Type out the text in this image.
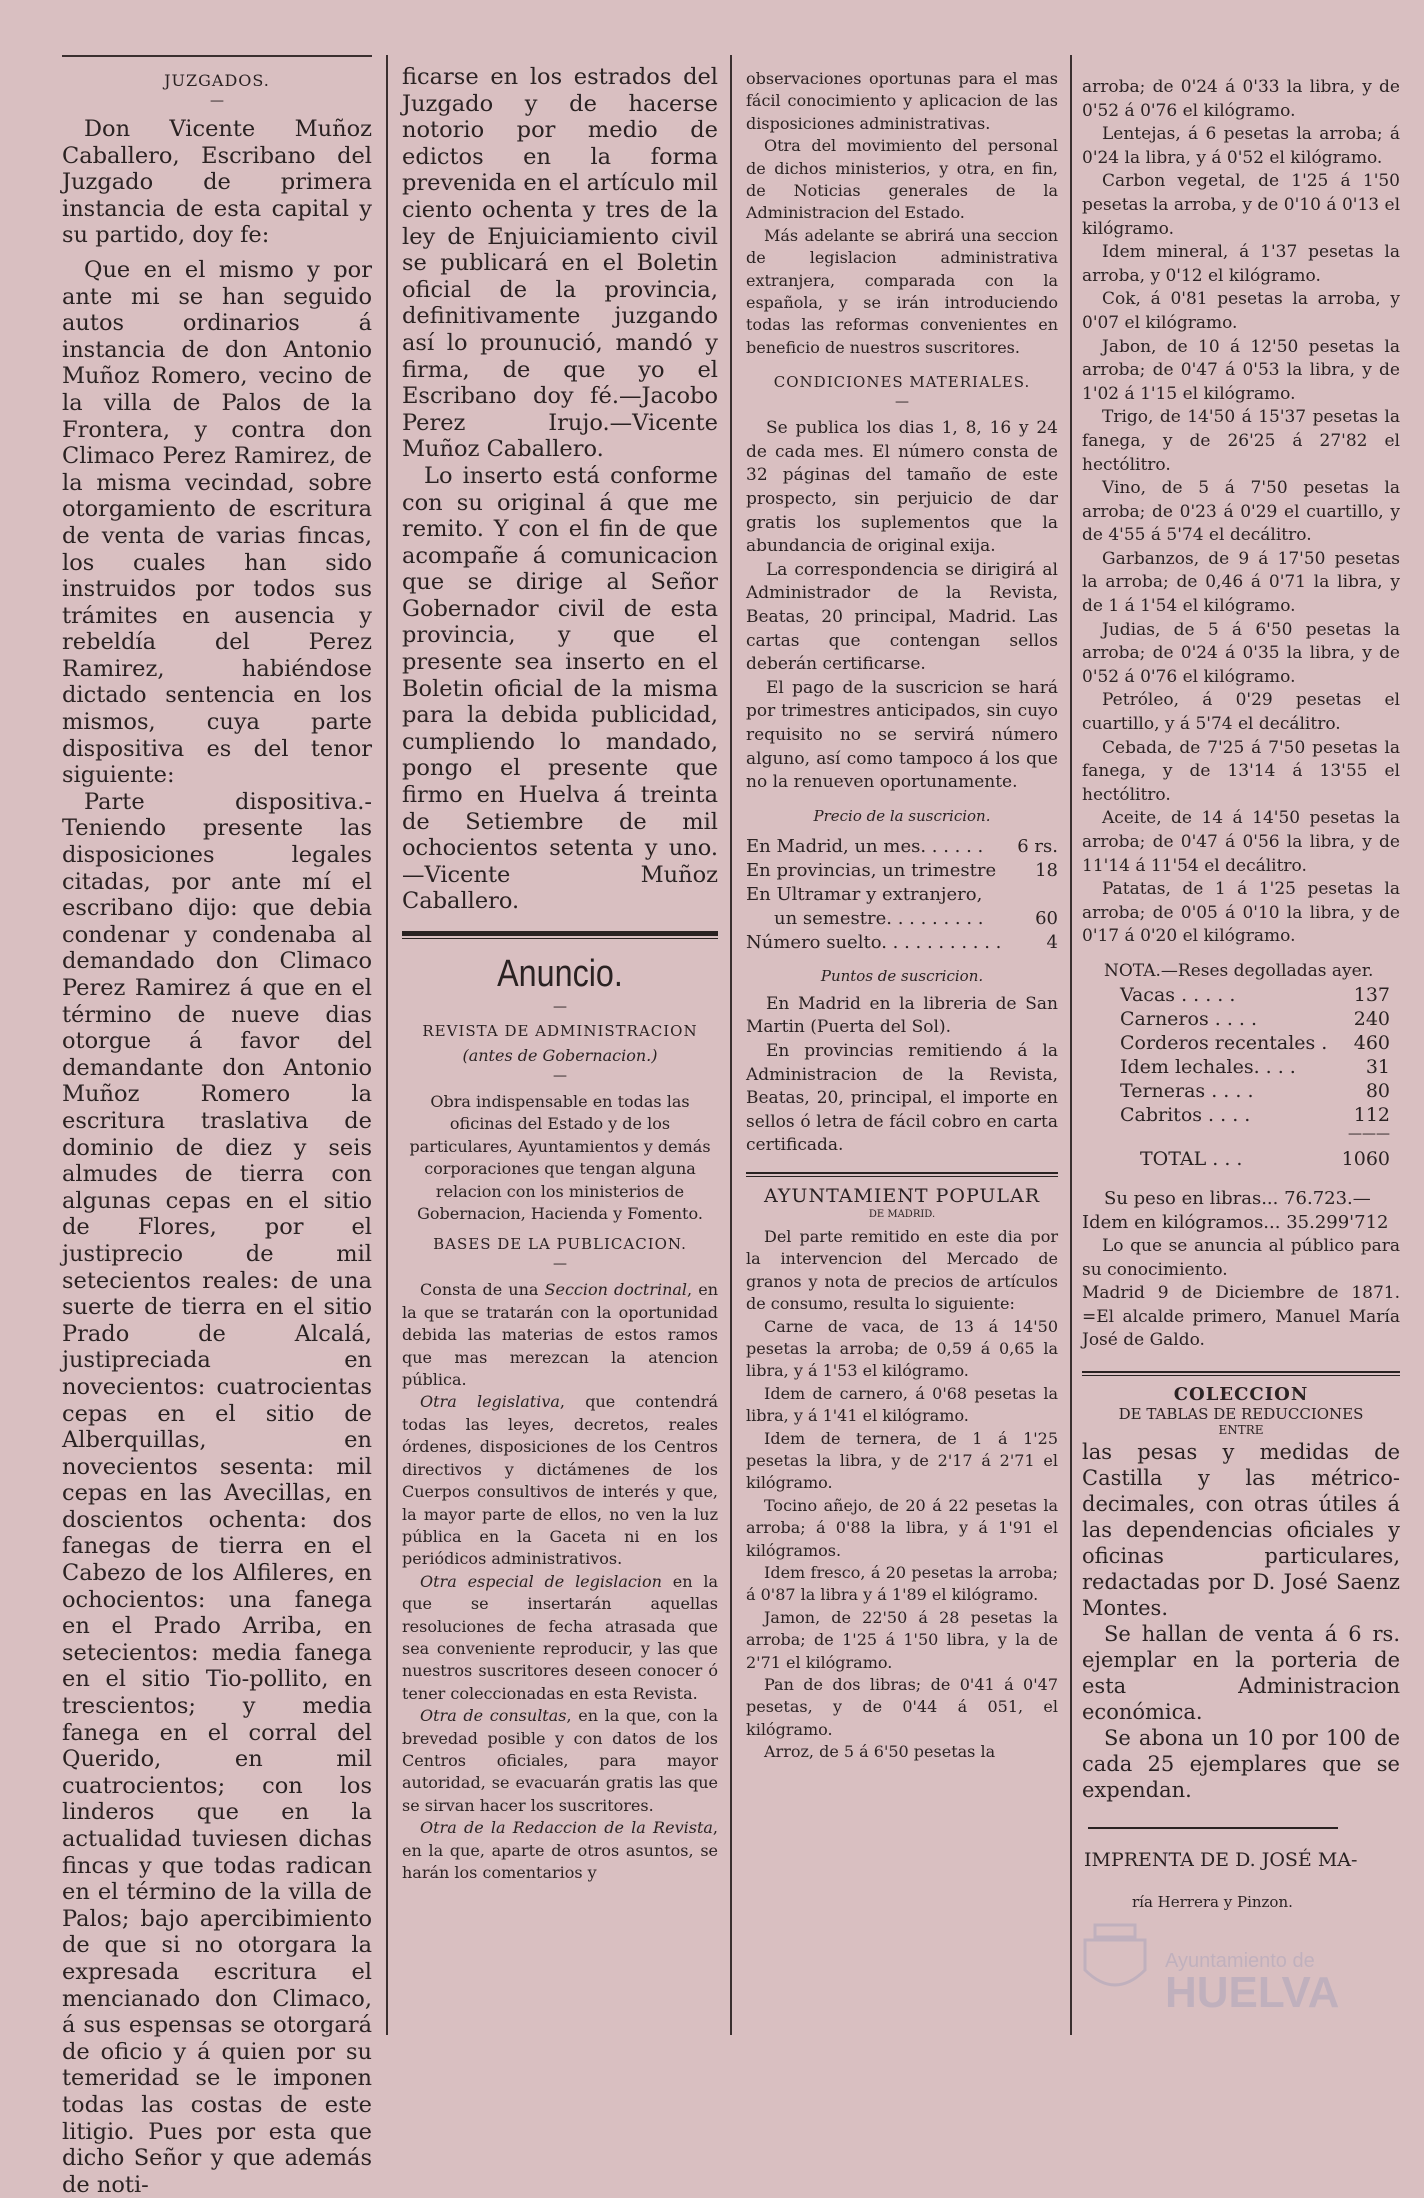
JUZGADOS.
—
Don Vicente Muñoz Caballero, Escribano del Juzgado de primera instancia de esta capital y su partido, doy fe:
Que en el mismo y por ante mi se han seguido autos ordinarios á instancia de don Antonio Muñoz Romero, vecino de la villa de Palos de la Frontera, y contra don Climaco Perez Ramirez, de la misma vecindad, sobre otorgamiento de escritura de venta de varias fincas, los cuales han sido instruidos por todos sus trámites en ausencia y rebeldía del Perez Ramirez, habiéndose dictado sentencia en los mismos, cuya parte dispositiva es del tenor siguiente:
Parte dispositiva.-Teniendo presente las disposiciones legales citadas, por ante mí el escribano dijo: que debia condenar y condenaba al demandado don Climaco Perez Ramirez á que en el término de nueve dias otorgue á favor del demandante don Antonio Muñoz Romero la escritura traslativa de dominio de diez y seis almudes de tierra con algunas cepas en el sitio de Flores, por el justiprecio de mil setecientos reales: de una suerte de tierra en el sitio Prado de Alcalá, justipreciada en novecientos: cuatrocientas cepas en el sitio de Alberquillas, en novecientos sesenta: mil cepas en las Avecillas, en doscientos ochenta: dos fanegas de tierra en el Cabezo de los Alfileres, en ochocientos: una fanega en el Prado Arriba, en setecientos: media fanega en el sitio Tio-pollito, en trescientos; y media fanega en el corral del Querido, en mil cuatrocientos; con los linderos que en la actualidad tuviesen dichas fincas y que todas radican en el término de la villa de Palos; bajo apercibimiento de que si no otorgara la expresada escritura el mencianado don Climaco, á sus espensas se otorgará de oficio y á quien por su temeridad se le imponen todas las costas de este litigio. Pues por esta que dicho Señor y que además de noti-
ficarse en los estrados del Juzgado y de hacerse notorio por medio de edictos en la forma prevenida en el artículo mil ciento ochenta y tres de la ley de Enjuiciamiento civil se publicará en el Boletin oficial de la provincia, definitivamente juzgando así lo prounució, mandó y firma, de que yo el Escribano doy fé.—Jacobo Perez Irujo.—Vicente Muñoz Caballero.
Lo inserto está conforme con su original á que me remito. Y con el fin de que acompañe á comunicacion que se dirige al Señor Gobernador civil de esta provincia, y que el presente sea inserto en el Boletin oficial de la misma para la debida publicidad, cumpliendo lo mandado, pongo el presente que firmo en Huelva á treinta de Setiembre de mil ochocientos setenta y uno.—Vicente Muñoz Caballero.
Anuncio.
—
REVISTA DE ADMINISTRACION
(antes de Gobernacion.)
—
Obra indispensable en todas las oficinas del Estado y de los particulares, Ayuntamientos y demás corporaciones que tengan alguna relacion con los ministerios de Gobernacion, Hacienda y Fomento.
BASES DE LA PUBLICACION.
—
Consta de una Seccion doctrinal, en la que se tratarán con la oportunidad debida las materias de estos ramos que mas merezcan la atencion pública.
Otra legislativa, que contendrá todas las leyes, decretos, reales órdenes, disposiciones de los Centros directivos y dictámenes de los Cuerpos consultivos de interés y que, la mayor parte de ellos, no ven la luz pública en la Gaceta ni en los periódicos administrativos.
Otra especial de legislacion en la que se insertarán aquellas resoluciones de fecha atrasada que sea conveniente reproducir, y las que nuestros suscritores deseen conocer ó tener coleccionadas en esta Revista.
Otra de consultas, en la que, con la brevedad posible y con datos de los Centros oficiales, para mayor autoridad, se evacuarán gratis las que se sirvan hacer los suscritores.
Otra de la Redaccion de la Revista, en la que, aparte de otros asuntos, se harán los comentarios y
observaciones oportunas para el mas fácil conocimiento y aplicacion de las disposiciones administrativas.
Otra del movimiento del personal de dichos ministerios, y otra, en fin, de Noticias generales de la Administracion del Estado.
Más adelante se abrirá una seccion de legislacion administrativa extranjera, comparada con la española, y se irán introduciendo todas las reformas convenientes en beneficio de nuestros suscritores.
CONDICIONES MATERIALES.
—
Se publica los dias 1, 8, 16 y 24 de cada mes. El número consta de 32 páginas del tamaño de este prospecto, sin perjuicio de dar gratis los suplementos que la abundancia de original exija.
La correspondencia se dirigirá al Administrador de la Revista, Beatas, 20 principal, Madrid. Las cartas que contengan sellos deberán certificarse.
El pago de la suscricion se hará por trimestres anticipados, sin cuyo requisito no se servirá número alguno, así como tampoco á los que no la renueven oportunamente.
Precio de la suscricion.
En Madrid, un mes. . . . . . 6 rs.
En provincias, un trimestre 18
En Ultramar y extranjero,
un semestre. . . . . . . . .	60
Número suelto. . . . . . . . . . .	4
Puntos de suscricion.
En Madrid en la libreria de San Martin (Puerta del Sol).
En provincias remitiendo á la Administracion de la Revista, Beatas, 20, principal, el importe en sellos ó letra de fácil cobro en carta certificada.
AYUNTAMIENT POPULAR
DE MADRID.
Del parte remitido en este dia por la intervencion del Mercado de granos y nota de precios de artículos de consumo, resulta lo siguiente:
Carne de vaca, de 13 á 14'50 pesetas la arroba; de 0,59 á 0,65 la libra, y á 1'53 el kilógramo.
Idem de carnero, á 0'68 pesetas la libra, y á 1'41 el kilógramo.
Idem de ternera, de 1 á 1'25 pesetas la libra, y de 2'17 á 2'71 el kilógramo.
Tocino añejo, de 20 á 22 pesetas la arroba; á 0'88 la libra, y á 1'91 el kilógramos.
Idem fresco, á 20 pesetas la arroba; á 0'87 la libra y á 1'89 el kilógramo.
Jamon, de 22'50 á 28 pesetas la arroba; de 1'25 á 1'50 libra, y la de 2'71 el kilógramo.
Pan de dos libras; de 0'41 á 0'47 pesetas, y de 0'44 á 051, el kilógramo.
Arroz, de 5 á 6'50 pesetas la
arroba; de 0'24 á 0'33 la libra, y de 0'52 á 0'76 el kilógramo.
Lentejas, á 6 pesetas la arroba; á 0'24 la libra, y á 0'52 el kilógramo.
Carbon vegetal, de 1'25 á 1'50 pesetas la arroba, y de 0'10 á 0'13 el kilógramo.
Idem mineral, á 1'37 pesetas la arroba, y 0'12 el kilógramo.
Cok, á 0'81 pesetas la arroba, y 0'07 el kilógramo.
Jabon, de 10 á 12'50 pesetas la arroba; de 0'47 á 0'53 la libra, y de 1'02 á 1'15 el kilógramo.
Trigo, de 14'50 á 15'37 pesetas la fanega, y de 26'25 á 27'82 el hectólitro.
Vino, de 5 á 7'50 pesetas la arroba; de 0'23 á 0'29 el cuartillo, y de 4'55 á 5'74 el decálitro.
Garbanzos, de 9 á 17'50 pesetas la arroba; de 0,46 á 0'71 la libra, y de 1 á 1'54 el kilógramo.
Judias, de 5 á 6'50 pesetas la arroba; de 0'24 á 0'35 la libra, y de 0'52 á 0'76 el kilógramo.
Petróleo, á 0'29 pesetas el cuartillo, y á 5'74 el decálitro.
Cebada, de 7'25 á 7'50 pesetas la fanega, y de 13'14 á 13'55 el hectólitro.
Aceite, de 14 á 14'50 pesetas la arroba; de 0'47 á 0'56 la libra, y de 11'14 á 11'54 el decálitro.
Patatas, de 1 á 1'25 pesetas la arroba; de 0'05 á 0'10 la libra, y de 0'17 á 0'20 el kilógramo.
NOTA.—Reses degolladas ayer.
Vacas . . . . .	137
Carneros . . . .	240
Corderos recentales . 460
Idem lechales. . . .	31
Terneras . . . .	80
Cabritos . . . .	112
———
TOTAL . . .	1060
Su peso en libras... 76.723.—
Idem en kilógramos... 35.299'712
Lo que se anuncia al público para su conocimiento.
Madrid 9 de Diciembre de 1871. =El alcalde primero, Manuel María José de Galdo.
COLECCION
DE TABLAS DE REDUCCIONES
ENTRE
las pesas y medidas de Castilla y las métrico-decimales, con otras útiles á las dependencias oficiales y oficinas particulares, redactadas por D. José Saenz Montes.
Se hallan de venta á 6 rs. ejemplar en la porteria de esta Administracion económica.
Se abona un 10 por 100 de cada 25 ejemplares que se expendan.
IMPRENTA DE D. JOSÉ MA-
ría Herrera y Pinzon.
Ayuntamiento de
HUELVA
